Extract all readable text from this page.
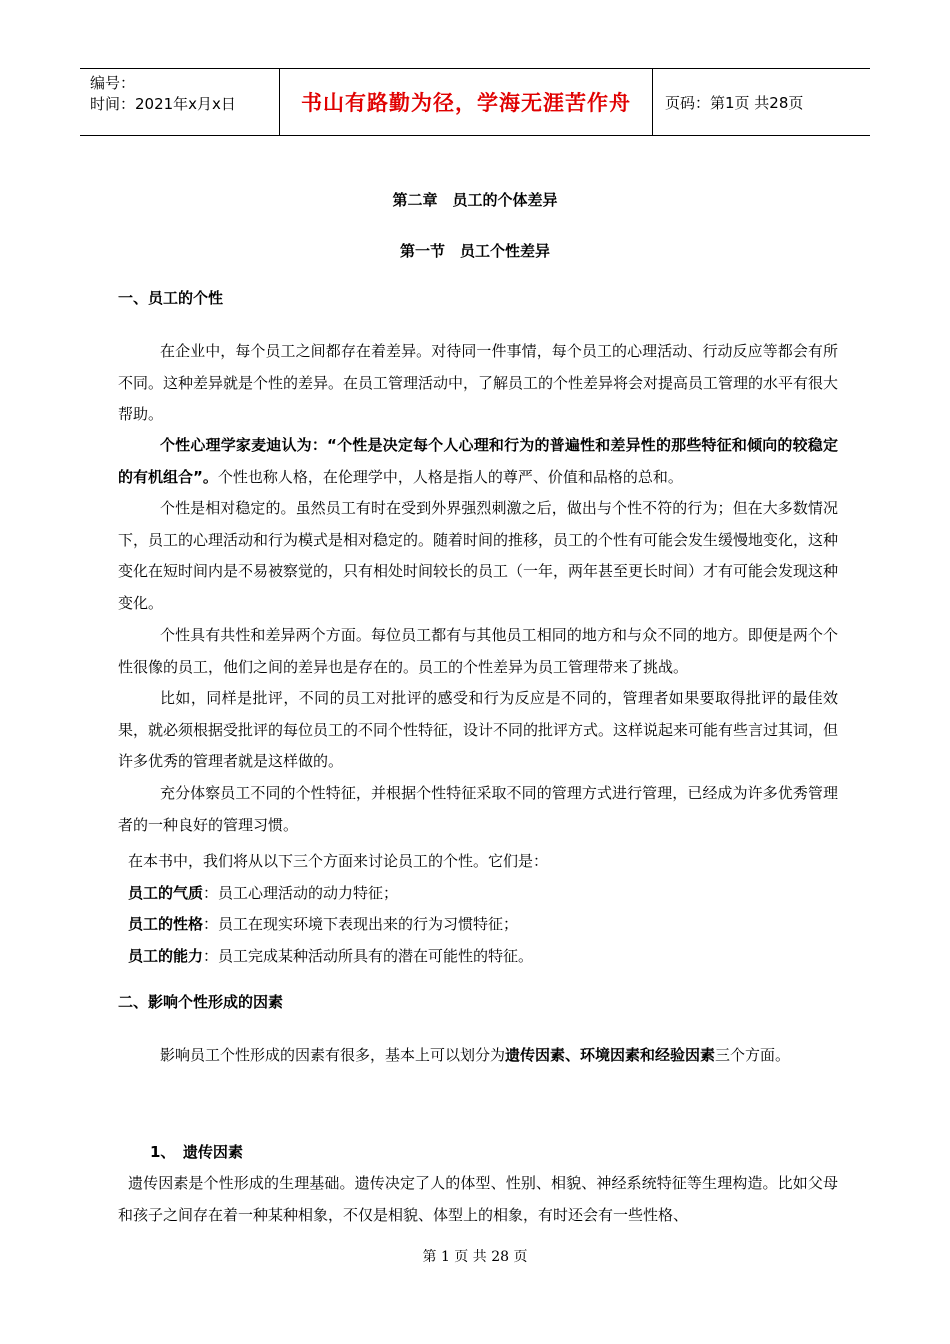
编号：
时间：2021年x月x日	书山有路勤为径，学海无涯苦作舟	页码：第1页 共28页
第二章　员工的个体差异
第一节　员工个性差异
一、员工的个性
在企业中，每个员工之间都存在着差异。对待同一件事情，每个员工的心理活动、行动反应等都会有所不同。这种差异就是个性的差异。在员工管理活动中，了解员工的个性差异将会对提高员工管理的水平有很大帮助。
个性心理学家麦迪认为：“个性是决定每个人心理和行为的普遍性和差异性的那些特征和倾向的较稳定的有机组合”。个性也称人格，在伦理学中，人格是指人的尊严、价值和品格的总和。
个性是相对稳定的。虽然员工有时在受到外界强烈刺激之后，做出与个性不符的行为；但在大多数情况下，员工的心理活动和行为模式是相对稳定的。随着时间的推移，员工的个性有可能会发生缓慢地变化，这种变化在短时间内是不易被察觉的，只有相处时间较长的员工（一年，两年甚至更长时间）才有可能会发现这种变化。
个性具有共性和差异两个方面。每位员工都有与其他员工相同的地方和与众不同的地方。即便是两个个性很像的员工，他们之间的差异也是存在的。员工的个性差异为员工管理带来了挑战。
比如，同样是批评，不同的员工对批评的感受和行为反应是不同的，管理者如果要取得批评的最佳效果，就必须根据受批评的每位员工的不同个性特征，设计不同的批评方式。这样说起来可能有些言过其词，但许多优秀的管理者就是这样做的。
充分体察员工不同的个性特征，并根据个性特征采取不同的管理方式进行管理，已经成为许多优秀管理者的一种良好的管理习惯。
在本书中，我们将从以下三个方面来讨论员工的个性。它们是：
员工的气质：员工心理活动的动力特征；
员工的性格：员工在现实环境下表现出来的行为习惯特征；
员工的能力：员工完成某种活动所具有的潜在可能性的特征。
二、影响个性形成的因素
影响员工个性形成的因素有很多，基本上可以划分为遗传因素、环境因素和经验因素三个方面。
1、　遗传因素
遗传因素是个性形成的生理基础。遗传决定了人的体型、性别、相貌、神经系统特征等生理构造。比如父母和孩子之间存在着一种某种相象，不仅是相貌、体型上的相象，有时还会有一些性格、
第 1 页 共 28 页
